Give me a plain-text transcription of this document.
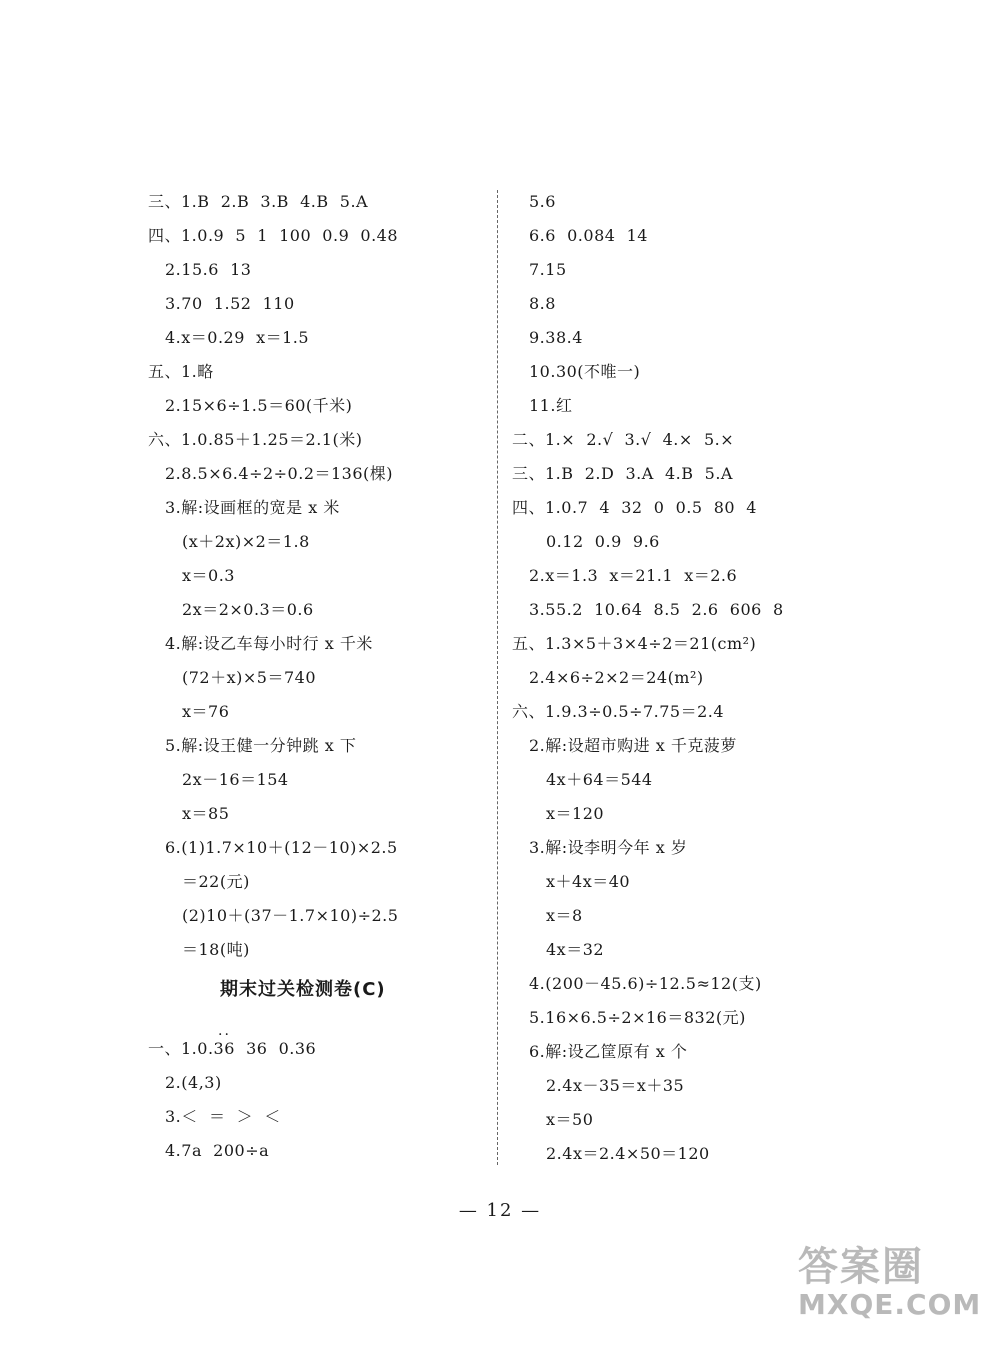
三、1.B  2.B  3.B  4.B  5.A
四、1.0.9  5  1  100  0.9  0.48
2.15.6  13
3.70  1.52  110
4.x＝0.29  x＝1.5
五、1.略
2.15×6÷1.5＝60(千米)
六、1.0.85＋1.25＝2.1(米)
2.8.5×6.4÷2÷0.2＝136(棵)
3.解:设画框的宽是 x 米
(x＋2x)×2＝1.8
x＝0.3
2x＝2×0.3＝0.6
4.解:设乙车每小时行 x 千米
(72＋x)×5＝740
x＝76
5.解:设王健一分钟跳 x 下
2x－16＝154
x＝85
6.(1)1.7×10＋(12－10)×2.5
＝22(元)
(2)10＋(37－1.7×10)÷2.5
＝18(吨)
一、1.0.36  36  0.36
2.(4,3)
3.＜  ＝  ＞  ＜
4.7a  200÷a
5.6
6.6  0.084  14
7.15
8.8
9.38.4
10.30(不唯一)
11.红
二、1.×  2.√  3.√  4.×  5.×
三、1.B  2.D  3.A  4.B  5.A
四、1.0.7  4  32  0  0.5  80  4
0.12  0.9  9.6
2.x＝1.3  x＝21.1  x＝2.6
3.55.2  10.64  8.5  2.6  606  8
五、1.3×5＋3×4÷2＝21(cm²)
2.4×6÷2×2＝24(m²)
六、1.9.3÷0.5÷7.75＝2.4
2.解:设超市购进 x 千克菠萝
4x＋64＝544
x＝120
3.解:设李明今年 x 岁
x＋4x＝40
x＝8
4x＝32
4.(200－45.6)÷12.5≈12(支)
5.16×6.5÷2×16＝832(元)
6.解:设乙筐原有 x 个
2.4x－35＝x＋35
x＝50
2.4x＝2.4×50＝120
期末过关检测卷(C)
..
— 12 —
答案圈
MXQE.COM
